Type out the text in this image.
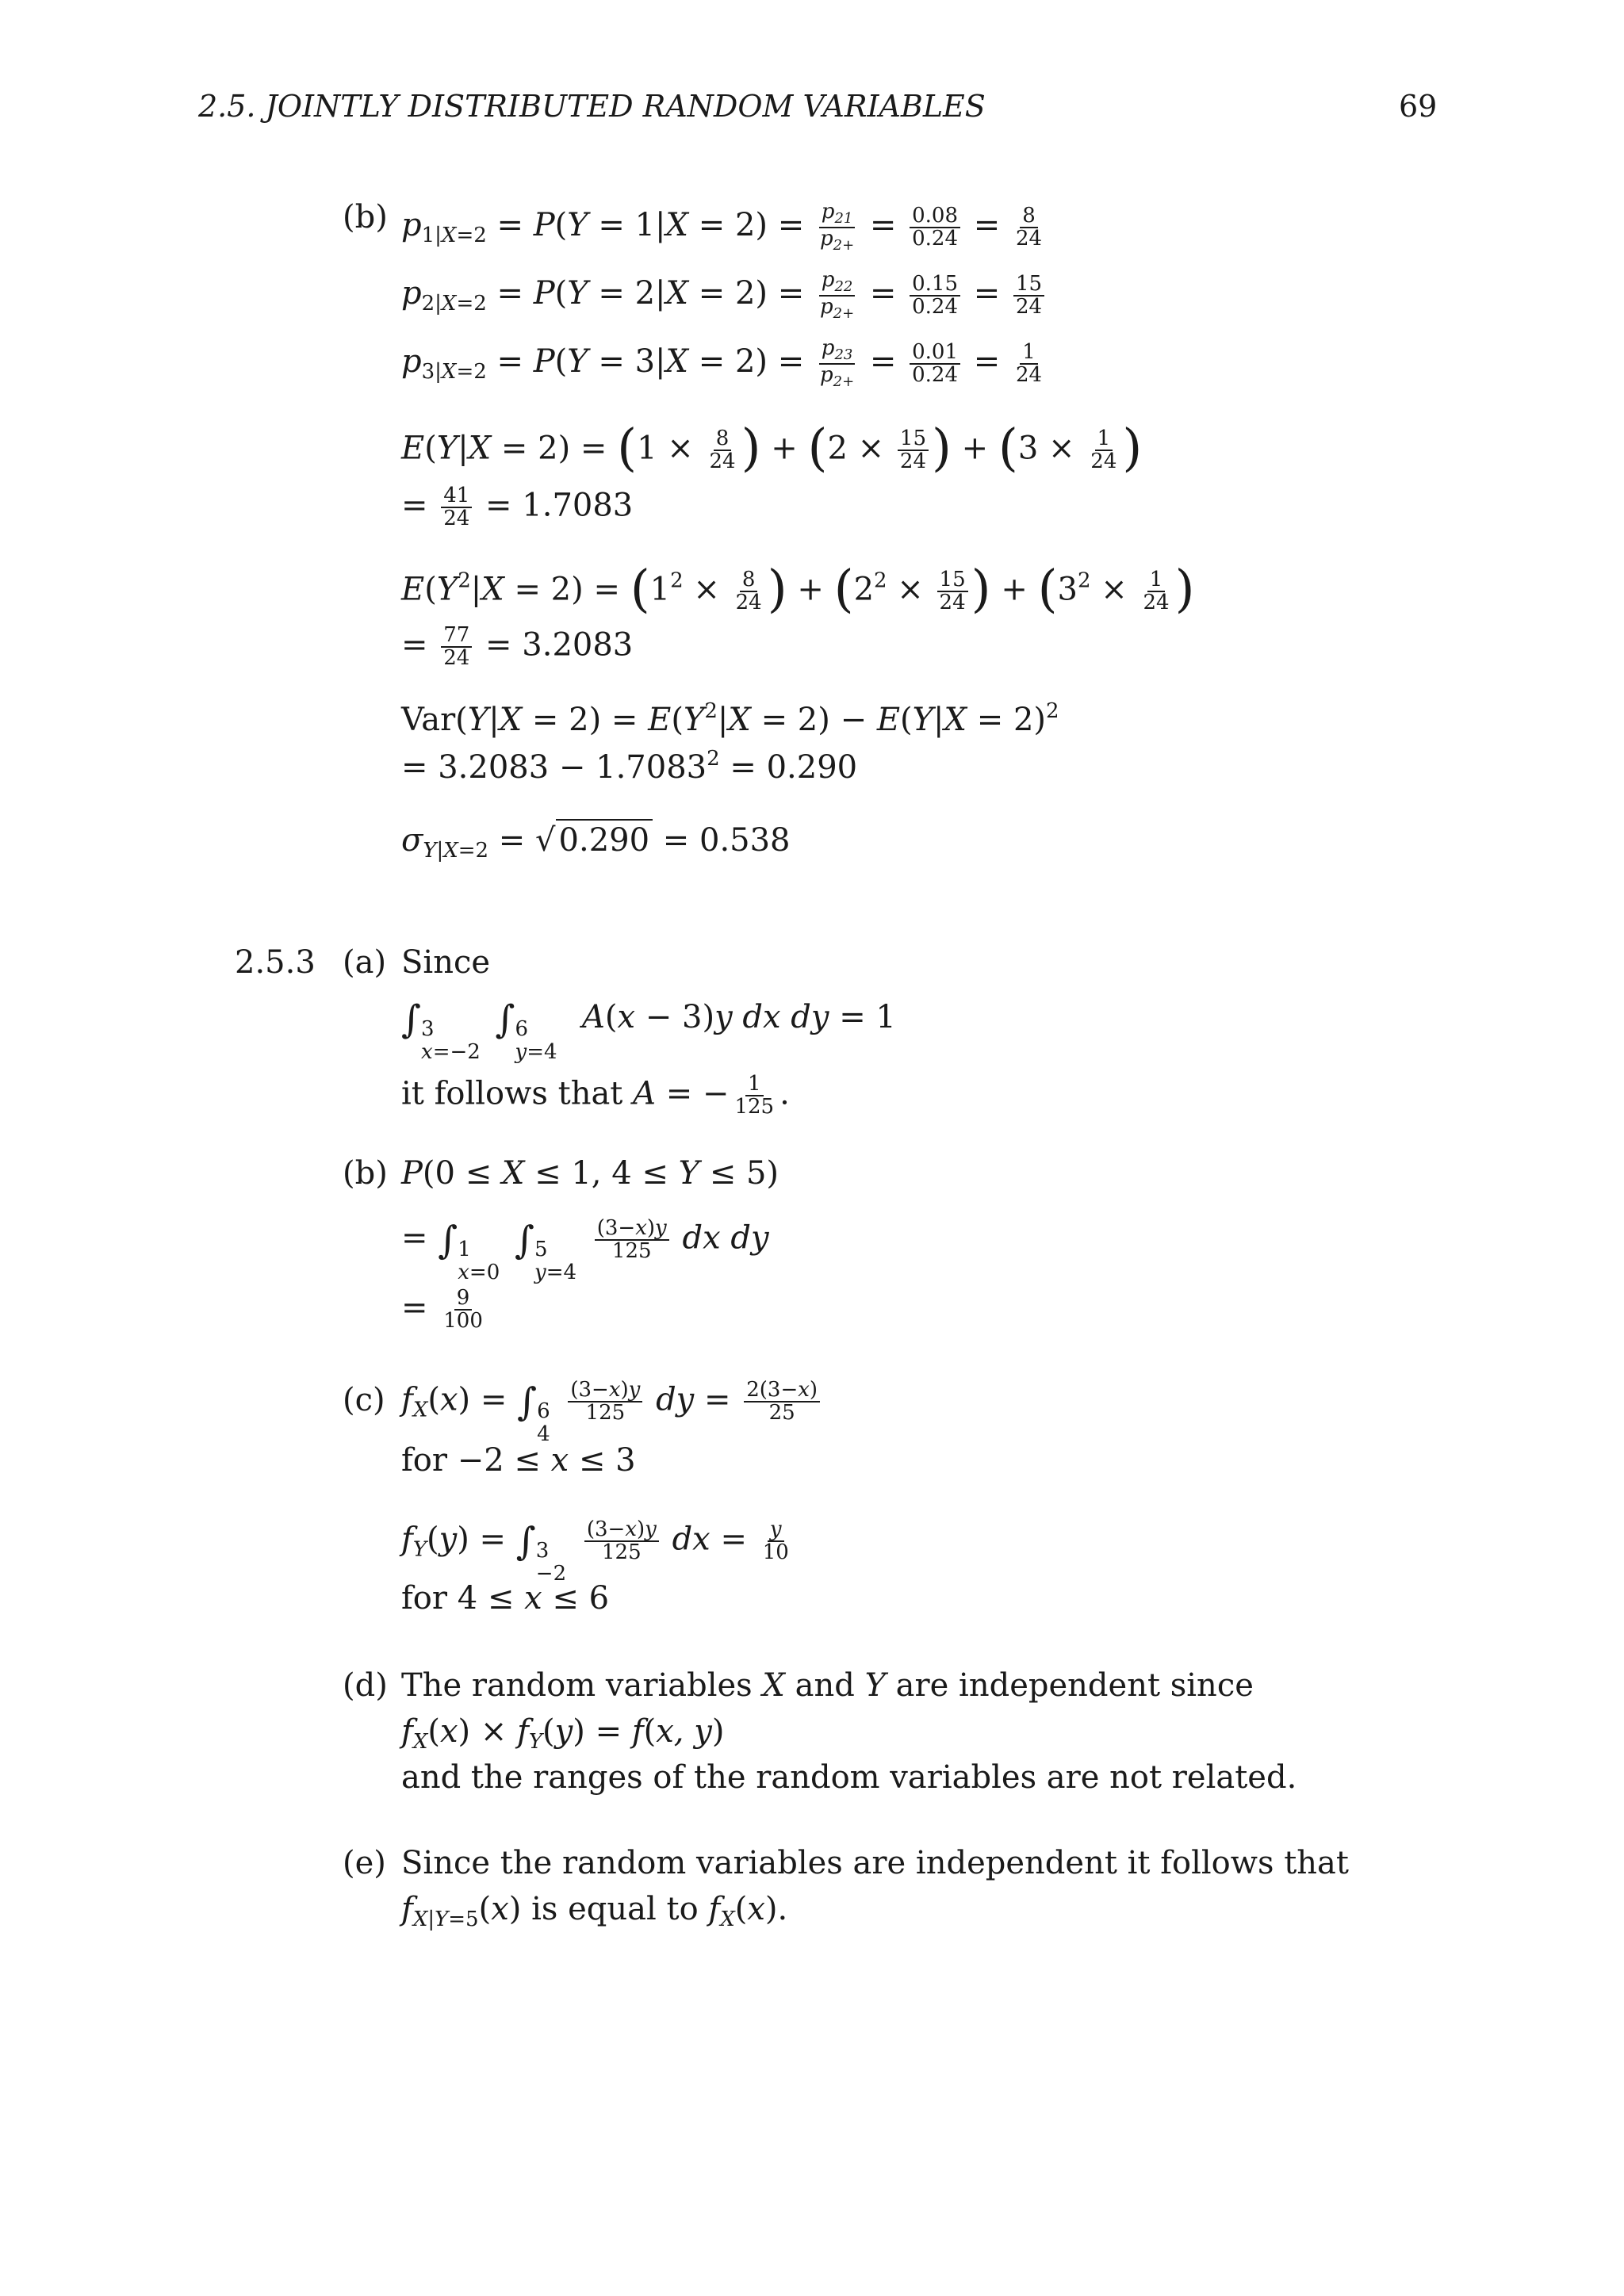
2.5. JOINTLY DISTRIBUTED RANDOM VARIABLES	69
(b) $p_{1|X=2} = P(Y = 1|X = 2) = \frac{p_{21}}{p_{2+}} = \frac{0.08}{0.24} = \frac{8}{24}$
$p_{2|X=2} = P(Y = 2|X = 2) = \frac{p_{22}}{p_{2+}} = \frac{0.15}{0.24} = \frac{15}{24}$
$p_{3|X=2} = P(Y = 3|X = 2) = \frac{p_{23}}{p_{2+}} = \frac{0.01}{0.24} = \frac{1}{24}$
$E(Y|X = 2) = (1 \times \frac{8}{24}$ ) + ($2 \times \frac{15}{24}$ ) + ($3 \times \frac{1}{24}$ )
= $\frac{41}{24} = 1.7083$
$E(Y^2|X = 2) = (1^2 \times \frac{8}{24}$ ) + ($2^2 \times \frac{15}{24}$ ) + ($3^2 \times \frac{1}{24}$ )
= $\frac{77}{24} = 3.2083$
$Var(Y|X = 2) = E(Y^2|X = 2) - E(Y|X = 2)^2$
= $3.2083 - 1.7083^2 = 0.290$
$\sigma_{Y|X=2}$ = √ 0.290 = 0.538
2.5.3 (a) Since
∫ 3
x=−2
∫ 6
y=4
A(x − 3)y dx dy = 1
it follows that A = − $\frac{1}{125}$ .
(b) P(0 ≤ X ≤ 1, 4 ≤ Y ≤ 5)
= ∫ 1
x=0
∫ 5
y=4

$\frac{(3-x)y}{125}$ dx dy
= $\frac{9}{100}$
(c) $f_X(x)$ = ∫ 6
4

$\frac{(3-x)y}{125}$ dy = $\frac{2(3-x)}{25}$
for −2 ≤ x ≤ 3
$f_Y(y)$ = ∫ 3
−2

$\frac{(3-x)y}{125}$ dx = $\frac{y}{10}$
for 4 ≤ x ≤ 6
(d) The random variables X and Y are independent since
$f_X(x) \times f_Y(y) = f(x$, y)
and the ranges of the random variables are not related.
(e) Since the random variables are independent it follows that
$f_{X|Y=5}(x)$ is equal to $f_X(x)$.
